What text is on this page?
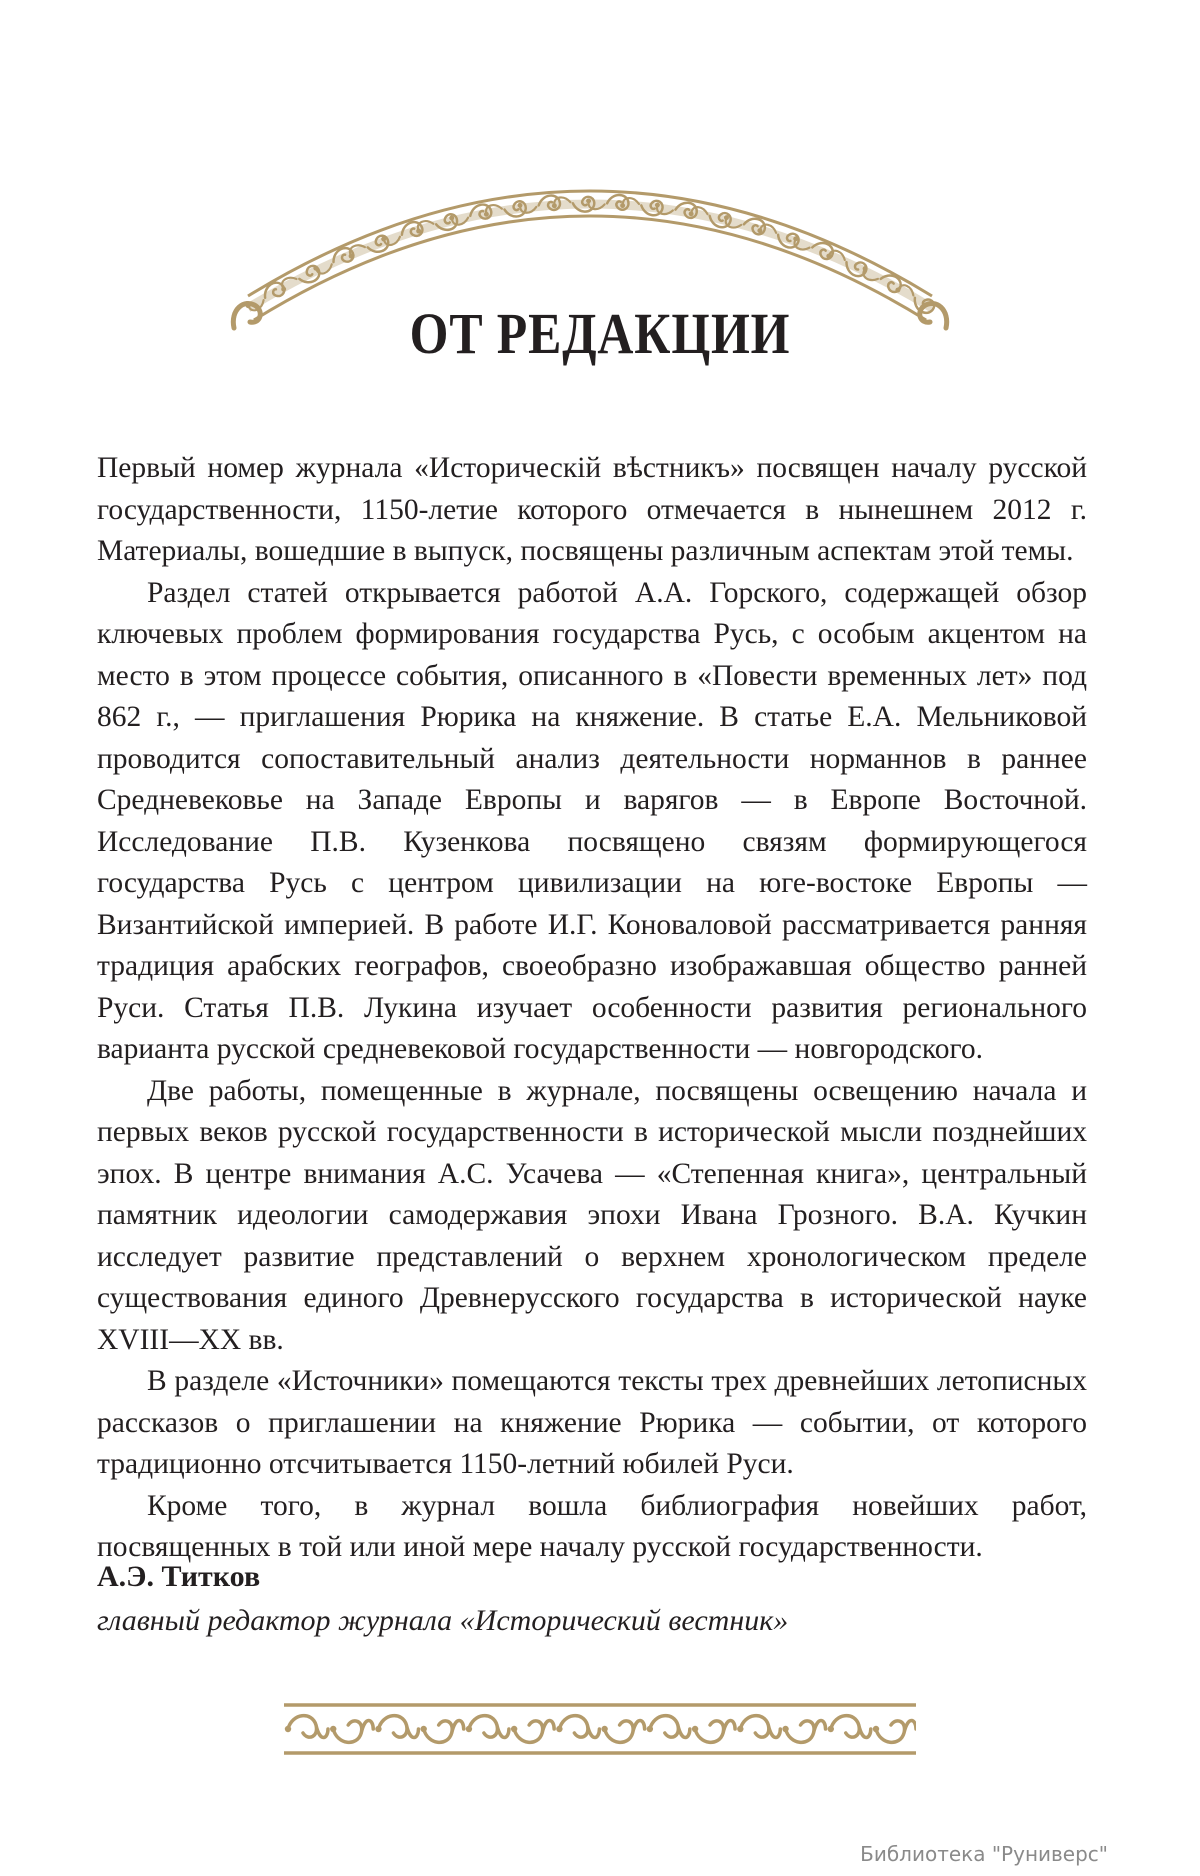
ОТ РЕДАКЦИИ

Первый номер журнала «Историческій вѣстникъ» посвящен началу русской государственности, 1150-летие которого отмечается в нынешнем 2012 г. Материалы, вошедшие в выпуск, посвящены различным аспектам этой темы.

Раздел статей открывается работой А.А. Горского, содержащей обзор ключевых проблем формирования государства Русь, с особым акцентом на место в этом процессе события, описанного в «Повести временных лет» под 862 г., — приглашения Рюрика на княжение. В статье Е.А. Мельниковой проводится сопоставительный анализ деятельности норманнов в раннее Средневековье на Западе Европы и варягов — в Европе Восточной. Исследование П.В. Кузенкова посвящено связям формирующегося государства Русь с центром цивилизации на юге-востоке Европы — Византийской империей. В работе И.Г. Коноваловой рассматривается ранняя традиция арабских географов, своеобразно изображавшая общество ранней Руси. Статья П.В. Лукина изучает особенности развития регионального варианта русской средневековой государственности — новгородского.

Две работы, помещенные в журнале, посвящены освещению начала и первых веков русской государственности в исторической мысли позднейших эпох. В центре внимания А.С. Усачева — «Степенная книга», центральный памятник идеологии самодержавия эпохи Ивана Грозного. В.А. Кучкин исследует развитие представлений о верхнем хронологическом пределе существования единого Древнерусского государства в исторической науке XVIII—XX вв.

В разделе «Источники» помещаются тексты трех древнейших летописных рассказов о приглашении на княжение Рюрика — событии, от которого традиционно отсчитывается 1150-летний юбилей Руси.

Кроме того, в журнал вошла библиография новейших работ, посвященных в той или иной мере началу русской государственности.

А.Э. Титков
главный редактор журнала «Исторический вестник»
Библиотека "Руниверс"
